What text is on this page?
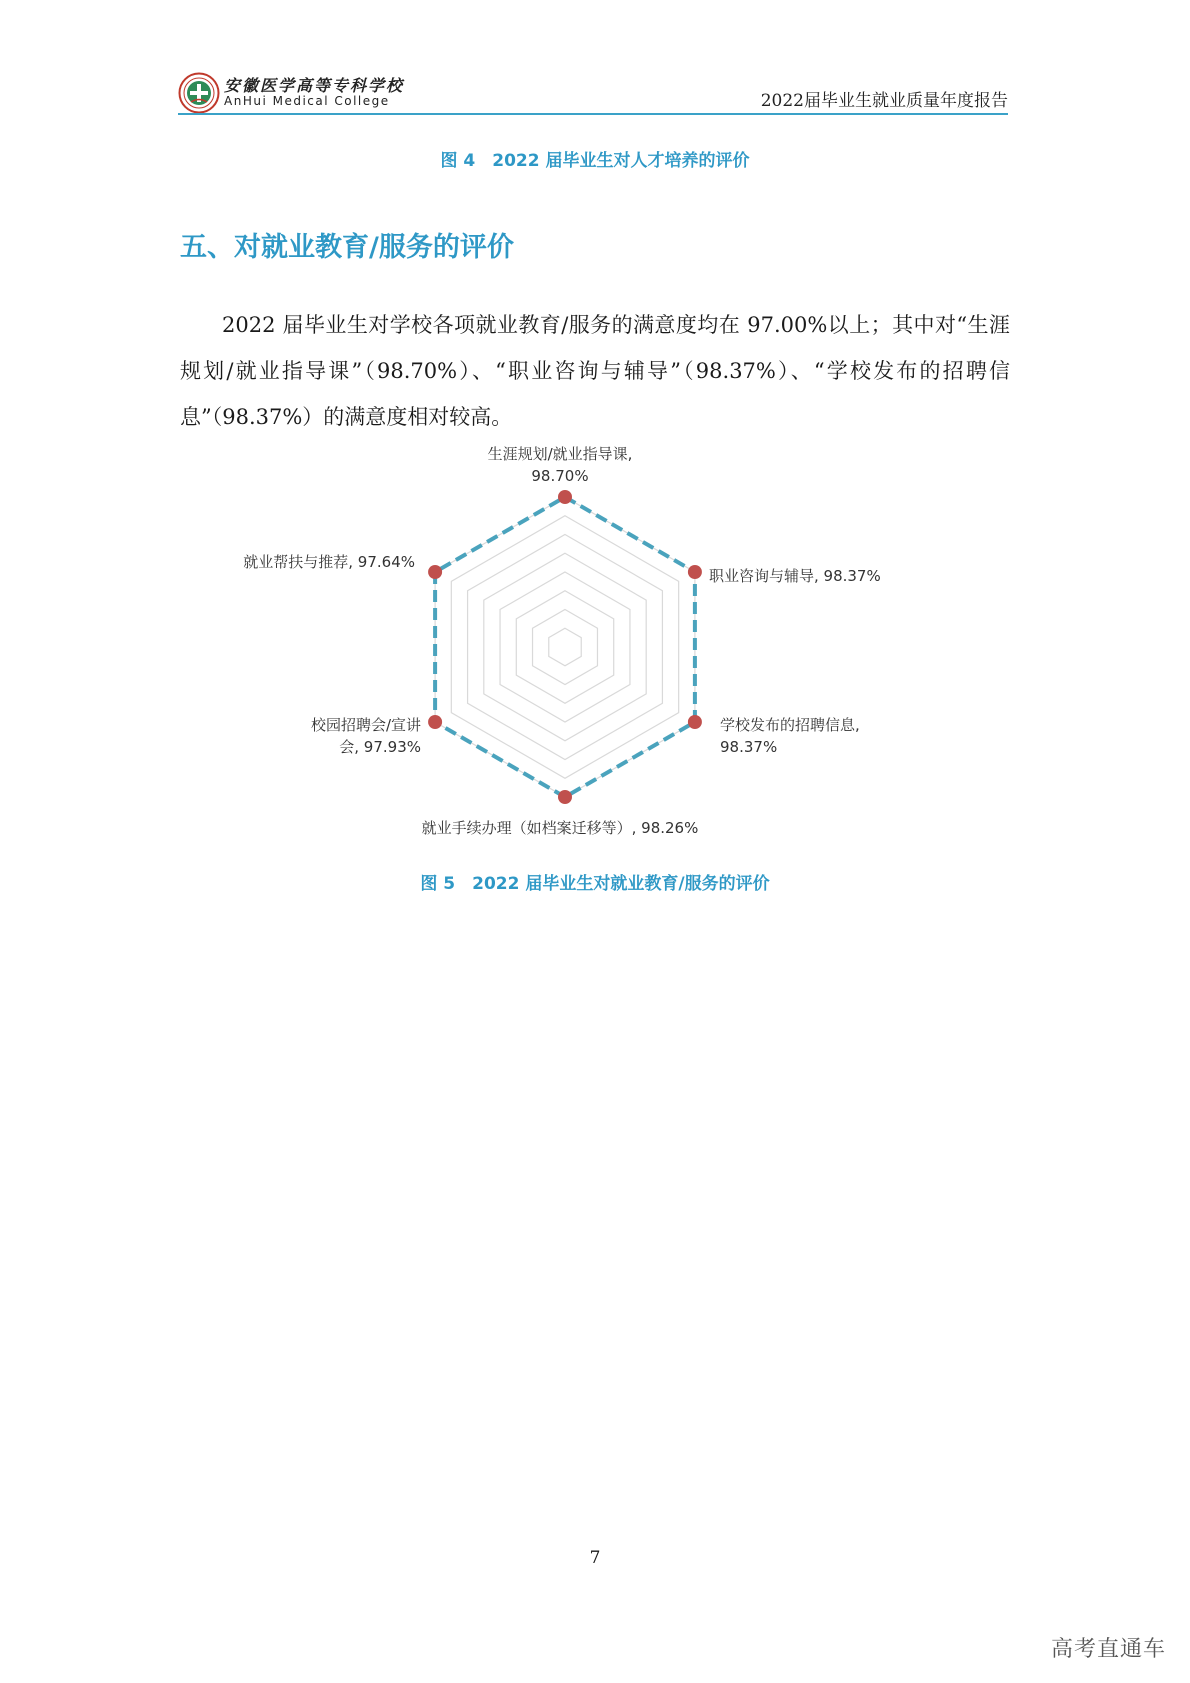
安徽医学高等专科学校
AnHui Medical College	2022届毕业生就业质量年度报告
图 4　2022 届毕业生对人才培养的评价
五、对就业教育/服务的评价

2022 届毕业生对学校各项就业教育/服务的满意度均在 97.00%以上；其中对“生涯规划/就业指导课”（98.70%）、“职业咨询与辅导”（98.37%）、“学校发布的招聘信息”（98.37%）的满意度相对较高。

生涯规划/就业指导课, 98.70%
职业咨询与辅导, 98.37%
学校发布的招聘信息, 98.37%
就业手续办理（如档案迁移等）, 98.26%
校园招聘会/宣讲会, 97.93%
就业帮扶与推荐, 97.64%
图 5　2022 届毕业生对就业教育/服务的评价
7
高考直通车
